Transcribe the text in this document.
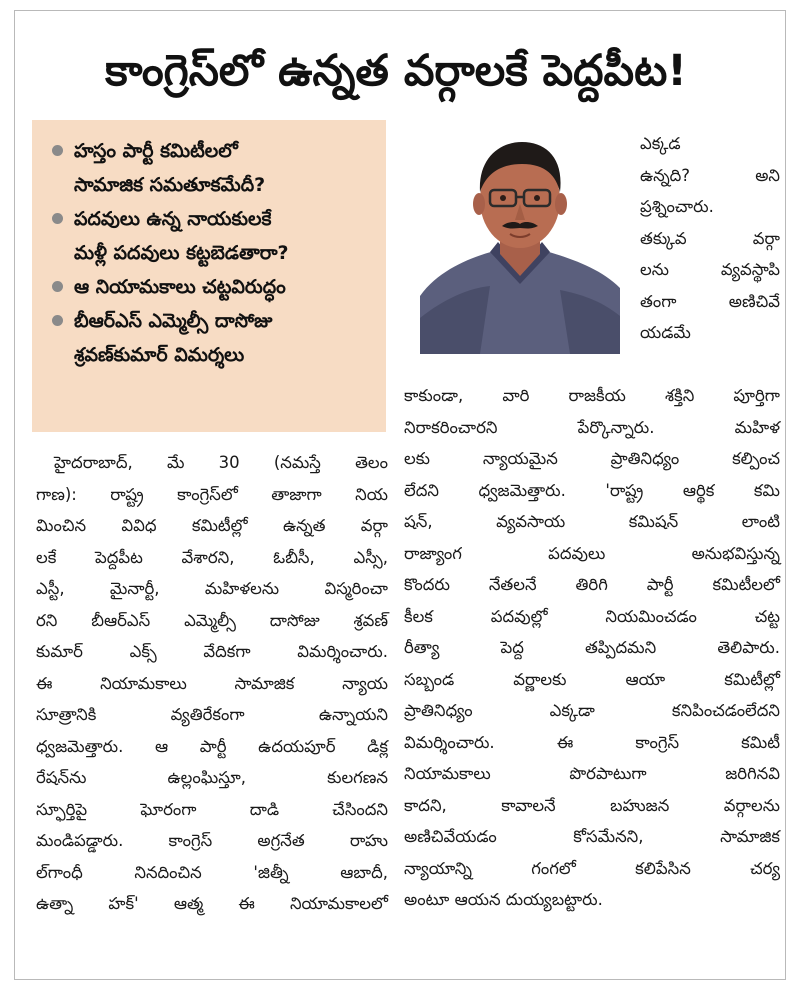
కాంగ్రెస్‌లో ఉన్నత వర్గాలకే పెద్దపీట!
హస్తం పార్టీ కమిటీలలో
సామాజిక సమతూకమేదీ?
పదవులు ఉన్న నాయకులకే
మళ్లీ పదవులు కట్టబెడతారా?
ఆ నియామకాలు చట్టవిరుద్ధం
బీఆర్‌ఎస్‌ ఎమ్మెల్సీ దాసోజు
శ్రవణ్‌కుమార్‌ విమర్శలు

ఎక్కడ

ఉన్నది? అని

ప్రశ్నించారు.

తక్కువ వర్గా

లను వ్యవస్థాపి

తంగా అణిచివే

యడమే

హైదరాబాద్‌, మే 30 (నమస్తే తెలం

గాణ): రాష్ట్ర కాంగ్రెస్‌లో తాజాగా నియ

మించిన వివిధ కమిటీల్లో ఉన్నత వర్గా

లకే పెద్దపీట వేశారని, ఓబీసీ, ఎస్సీ,

ఎస్టీ, మైనార్టీ, మహిళలను విస్మరించా

రని బీఆర్‌ఎస్‌ ఎమ్మెల్సీ దాసోజు శ్రవణ్‌

కుమార్‌ ఎక్స్‌ వేదికగా విమర్శించారు.

ఈ నియామకాలు సామాజిక న్యాయ

సూత్రానికి వ్యతిరేకంగా ఉన్నాయని

ధ్వజమెత్తారు. ఆ పార్టీ ఉదయపూర్‌ డిక్ల

రేషన్‌ను ఉల్లంఘిస్తూ, కులగణన

స్ఫూర్తిపై ఘోరంగా దాడి చేసిందని

మండిపడ్డారు. కాంగ్రెస్‌ అగ్రనేత రాహు

ల్‌గాంధీ నినదించిన 'జిత్నీ ఆబాదీ,

ఉత్నా హక్‌' ఆత్మ ఈ నియామకాలలో

కాకుండా, వారి రాజకీయ శక్తిని పూర్తిగా

నిరాకరించారని పేర్కొన్నారు. మహిళ

లకు న్యాయమైన ప్రాతినిధ్యం కల్పించ

లేదని ధ్వజమెత్తారు. 'రాష్ట్ర ఆర్థిక కమి

షన్‌, వ్యవసాయ కమిషన్‌ లాంటి

రాజ్యాంగ పదవులు అనుభవిస్తున్న

కొందరు నేతలనే తిరిగి పార్టీ కమిటీలలో

కీలక పదవుల్లో నియమించడం చట్ట

రీత్యా పెద్ద తప్పిదమని తెలిపారు.

సబ్బండ వర్ణాలకు ఆయా కమిటీల్లో

ప్రాతినిధ్యం ఎక్కడా కనిపించడంలేదని

విమర్శించారు. ఈ కాంగ్రెస్‌ కమిటీ

నియామకాలు పొరపాటుగా జరిగినవి

కాదని, కావాలనే బహుజన వర్గాలను

అణిచివేయడం కోసమేనని, సామాజిక

న్యాయాన్ని గంగలో కలిపేసిన చర్య

అంటూ ఆయన దుయ్యబట్టారు.
